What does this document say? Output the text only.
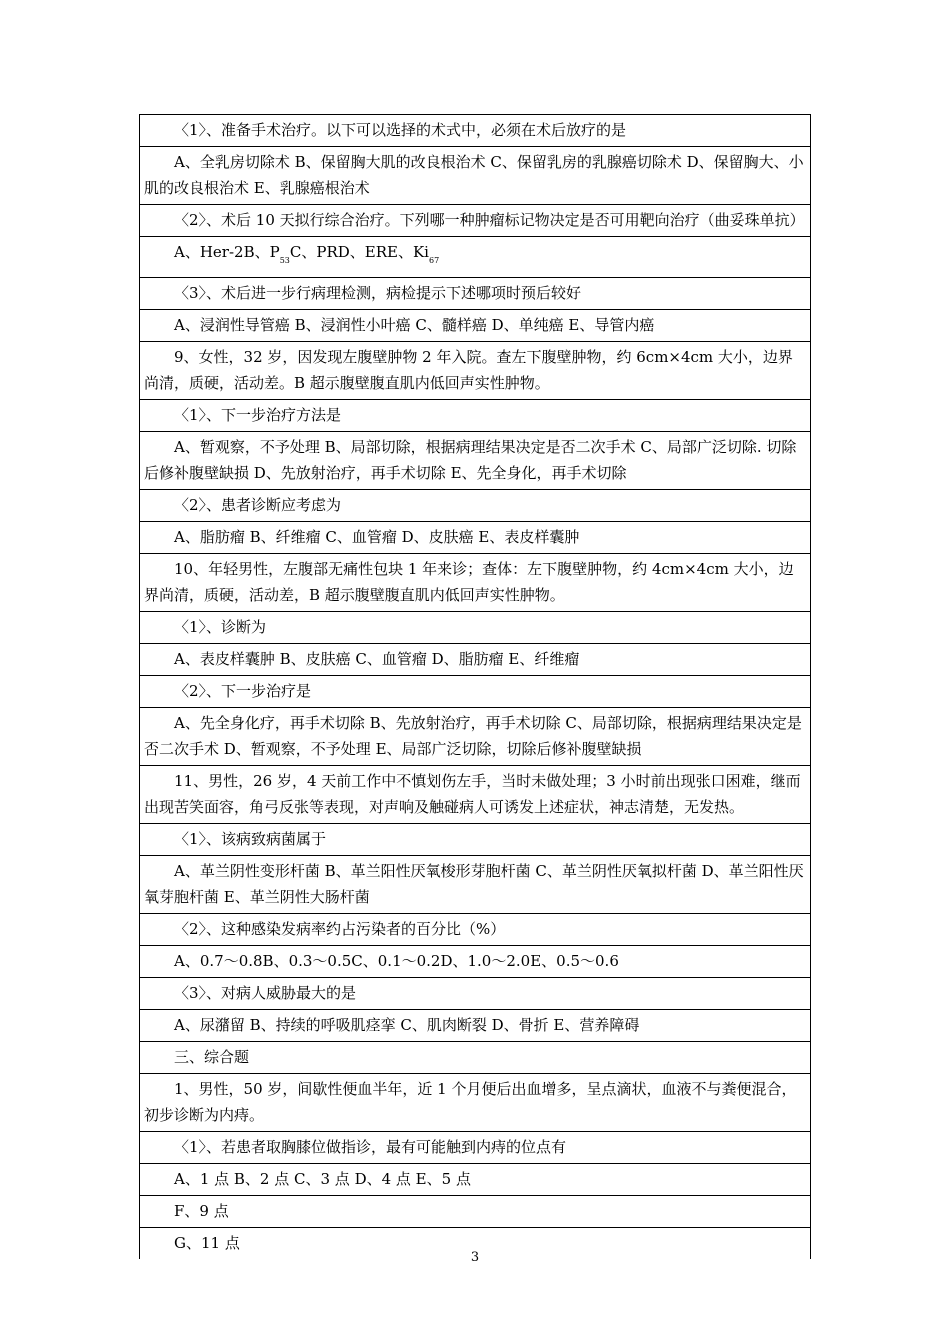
〈1〉、准备手术治疗。以下可以选择的术式中，必须在术后放疗的是
A、全乳房切除术 B、保留胸大肌的改良根治术 C、保留乳房的乳腺癌切除术 D、保留胸大、小肌的改良根治术 E、乳腺癌根治术
〈2〉、术后 10 天拟行综合治疗。下列哪一种肿瘤标记物决定是否可用靶向治疗（曲妥珠单抗）
A、Her-2B、$P_{53}C$、PRD、ERE、$Ki_{67}$
〈3〉、术后进一步行病理检测，病检提示下述哪项时预后较好
A、浸润性导管癌 B、浸润性小叶癌 C、髓样癌 D、单纯癌 E、导管内癌
9、女性，32 岁，因发现左腹壁肿物 2 年入院。查左下腹壁肿物，约 6cm×4cm 大小，边界尚清，质硬，活动差。B 超示腹壁腹直肌内低回声实性肿物。
〈1〉、下一步治疗方法是
A、暂观察，不予处理 B、局部切除，根据病理结果决定是否二次手术 C、局部广泛切除. 切除后修补腹壁缺损 D、先放射治疗，再手术切除 E、先全身化，再手术切除
〈2〉、患者诊断应考虑为
A、脂肪瘤 B、纤维瘤 C、血管瘤 D、皮肤癌 E、表皮样囊肿
10、年轻男性，左腹部无痛性包块 1 年来诊；查体：左下腹壁肿物，约 4cm×4cm 大小，边界尚清，质硬，活动差，B 超示腹壁腹直肌内低回声实性肿物。
〈1〉、诊断为
A、表皮样囊肿 B、皮肤癌 C、血管瘤 D、脂肪瘤 E、纤维瘤
〈2〉、下一步治疗是
A、先全身化疗，再手术切除 B、先放射治疗，再手术切除 C、局部切除，根据病理结果决定是否二次手术 D、暂观察，不予处理 E、局部广泛切除，切除后修补腹壁缺损
11、男性，26 岁，4 天前工作中不慎划伤左手，当时未做处理；3 小时前出现张口困难，继而出现苦笑面容，角弓反张等表现，对声响及触碰病人可诱发上述症状，神志清楚，无发热。
〈1〉、该病致病菌属于
A、革兰阴性变形杆菌 B、革兰阳性厌氧梭形芽胞杆菌 C、革兰阴性厌氧拟杆菌 D、革兰阳性厌氧芽胞杆菌 E、革兰阴性大肠杆菌
〈2〉、这种感染发病率约占污染者的百分比（%）
A、0.7～0.8B、0.3～0.5C、0.1～0.2D、1.0～2.0E、0.5～0.6
〈3〉、对病人威胁最大的是
A、尿潴留 B、持续的呼吸肌痉挛 C、肌肉断裂 D、骨折 E、营养障碍
三、综合题
1、男性，50 岁，间歇性便血半年，近 1 个月便后出血增多，呈点滴状，血液不与粪便混合，初步诊断为内痔。
〈1〉、若患者取胸膝位做指诊，最有可能触到内痔的位点有
A、1 点 B、2 点 C、3 点 D、4 点 E、5 点
F、9 点
G、11 点
3
